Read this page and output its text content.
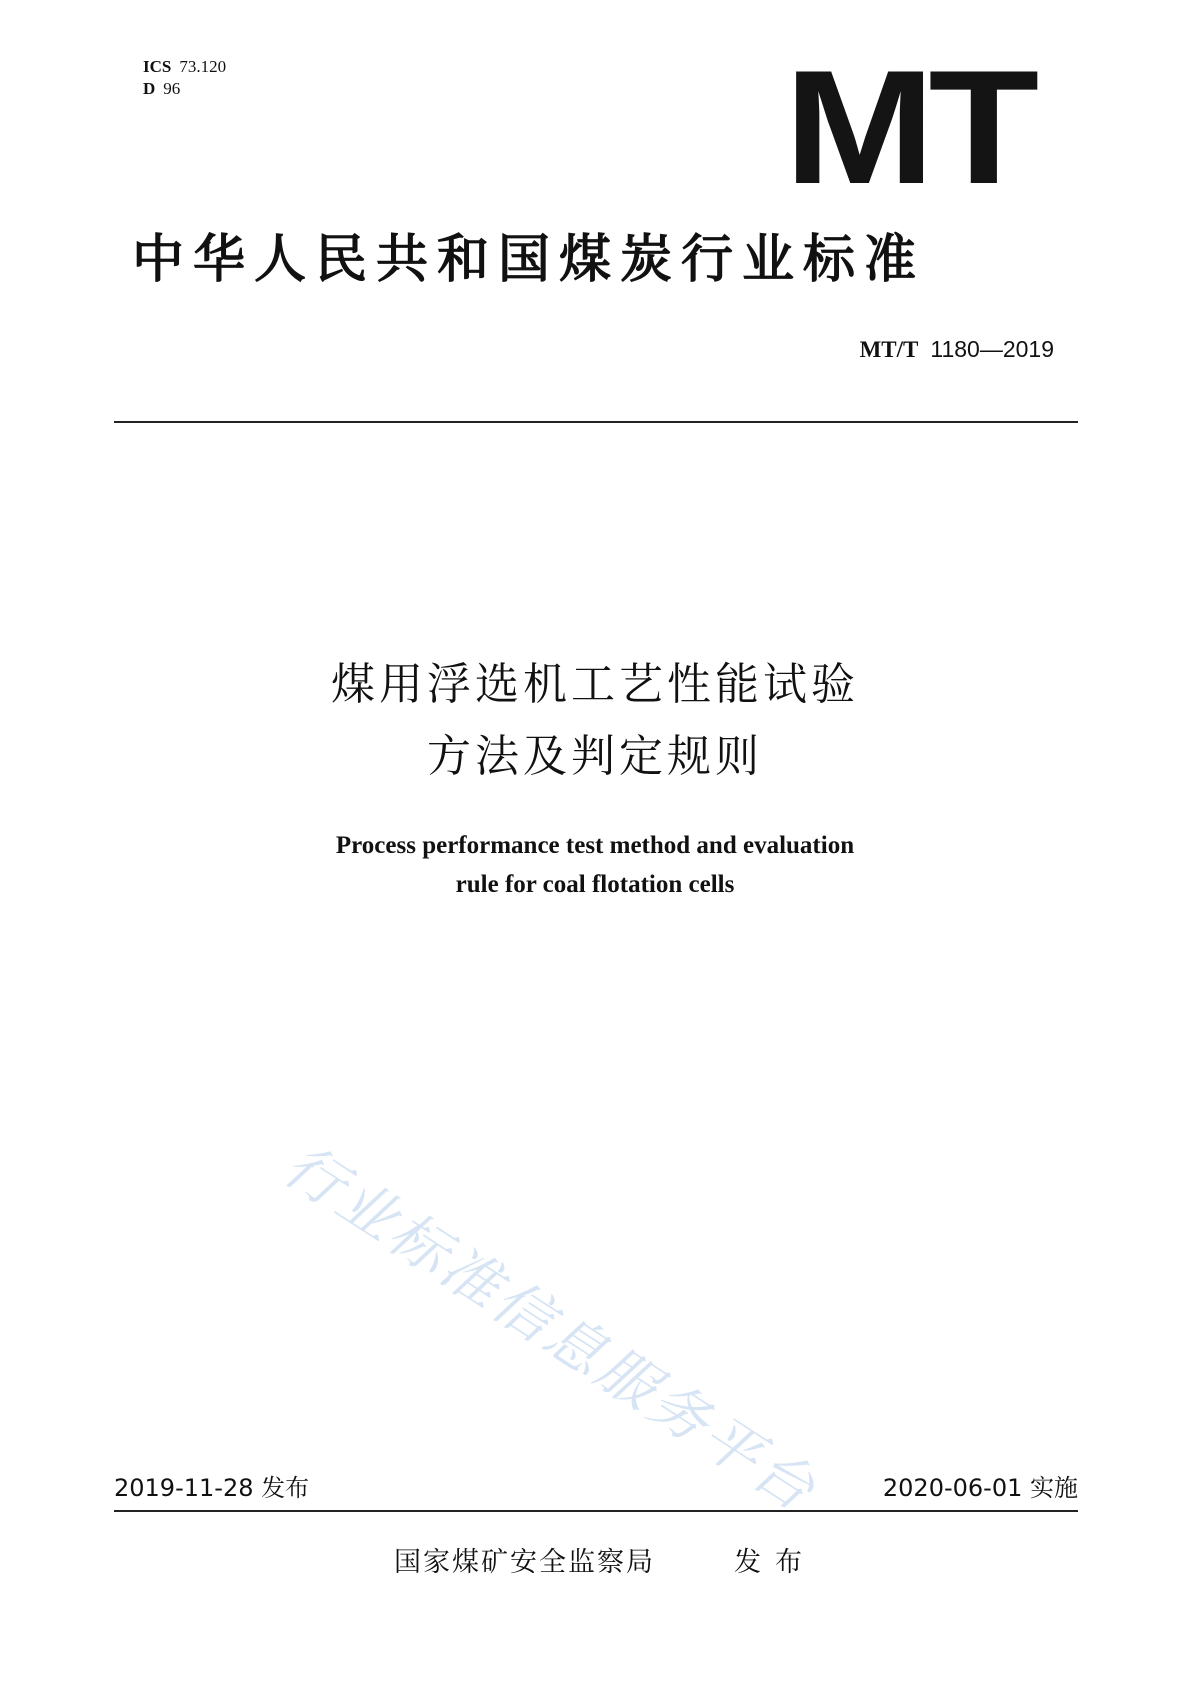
ICS 73.120
D 96	MT
中华人民共和国煤炭行业标准
MT/T 1180—2019
煤用浮选机工艺性能试验
方法及判定规则
Process performance test method and evaluation
rule for coal flotation cells
行业标准信息服务平台
2019-11-28 发布	2020-06-01 实施
国家煤矿安全监察局	发布
